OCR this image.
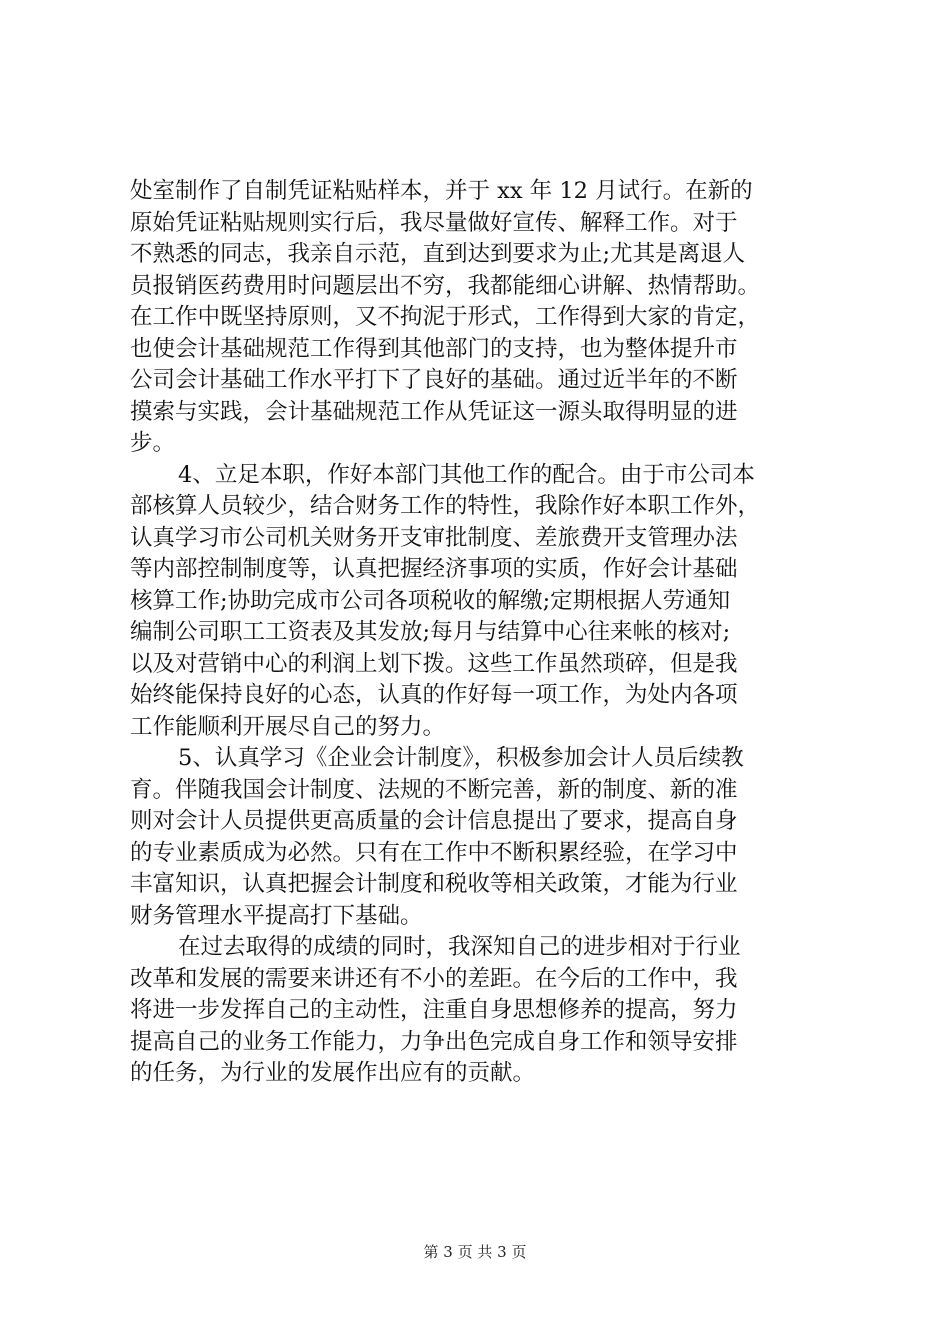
处室制作了自制凭证粘贴样本，并于 xx 年 12 月试行。在新的
原始凭证粘贴规则实行后，我尽量做好宣传、解释工作。对于
不熟悉的同志，我亲自示范，直到达到要求为止;尤其是离退人
员报销医药费用时问题层出不穷，我都能细心讲解、热情帮助。
在工作中既坚持原则，又不拘泥于形式，工作得到大家的肯定，
也使会计基础规范工作得到其他部门的支持，也为整体提升市
公司会计基础工作水平打下了良好的基础。通过近半年的不断
摸索与实践，会计基础规范工作从凭证这一源头取得明显的进
步。
4、立足本职，作好本部门其他工作的配合。由于市公司本
部核算人员较少，结合财务工作的特性，我除作好本职工作外，
认真学习市公司机关财务开支审批制度、差旅费开支管理办法
等内部控制制度等，认真把握经济事项的实质，作好会计基础
核算工作;协助完成市公司各项税收的解缴;定期根据人劳通知
编制公司职工工资表及其发放;每月与结算中心往来帐的核对;
以及对营销中心的利润上划下拨。这些工作虽然琐碎，但是我
始终能保持良好的心态，认真的作好每一项工作，为处内各项
工作能顺利开展尽自己的努力。
5、认真学习《企业会计制度》，积极参加会计人员后续教
育。伴随我国会计制度、法规的不断完善，新的制度、新的准
则对会计人员提供更高质量的会计信息提出了要求，提高自身
的专业素质成为必然。只有在工作中不断积累经验，在学习中
丰富知识，认真把握会计制度和税收等相关政策，才能为行业
财务管理水平提高打下基础。
在过去取得的成绩的同时，我深知自己的进步相对于行业
改革和发展的需要来讲还有不小的差距。在今后的工作中，我
将进一步发挥自己的主动性，注重自身思想修养的提高，努力
提高自己的业务工作能力，力争出色完成自身工作和领导安排
的任务，为行业的发展作出应有的贡献。
第 3 页 共 3 页
